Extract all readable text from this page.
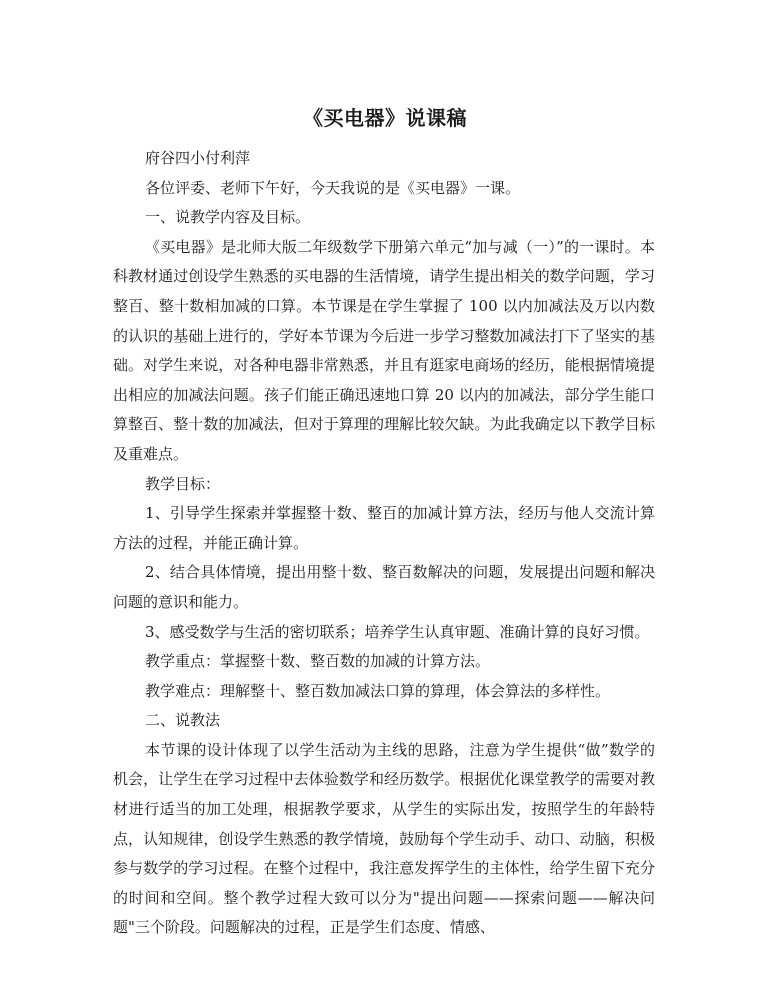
《买电器》说课稿

府谷四小付利萍

各位评委、老师下午好，今天我说的是《买电器》一课。

一、说教学内容及目标。

《买电器》是北师大版二年级数学下册第六单元“加与减（一）”的一课时。本科教材通过创设学生熟悉的买电器的生活情境，请学生提出相关的数学问题，学习整百、整十数相加减的口算。本节课是在学生掌握了 100 以内加减法及万以内数的认识的基础上进行的，学好本节课为今后进一步学习整数加减法打下了坚实的基础。对学生来说，对各种电器非常熟悉，并且有逛家电商场的经历，能根据情境提出相应的加减法问题。孩子们能正确迅速地口算 20 以内的加减法，部分学生能口算整百、整十数的加减法，但对于算理的理解比较欠缺。为此我确定以下教学目标及重难点。

教学目标：

1、引导学生探索并掌握整十数、整百的加减计算方法，经历与他人交流计算方法的过程，并能正确计算。

2、结合具体情境，提出用整十数、整百数解决的问题，发展提出问题和解决问题的意识和能力。

3、感受数学与生活的密切联系；培养学生认真审题、准确计算的良好习惯。

教学重点：掌握整十数、整百数的加减的计算方法。

教学难点：理解整十、整百数加减法口算的算理，体会算法的多样性。

二、说教法

本节课的设计体现了以学生活动为主线的思路，注意为学生提供“做”数学的机会，让学生在学习过程中去体验数学和经历数学。根据优化课堂教学的需要对教材进行适当的加工处理，根据教学要求，从学生的实际出发，按照学生的年龄特点，认知规律，创设学生熟悉的教学情境，鼓励每个学生动手、动口、动脑，积极参与数学的学习过程。在整个过程中，我注意发挥学生的主体性，给学生留下充分的时间和空间。整个教学过程大致可以分为"提出问题——探索问题——解决问题"三个阶段。问题解决的过程，正是学生们态度、情感、
